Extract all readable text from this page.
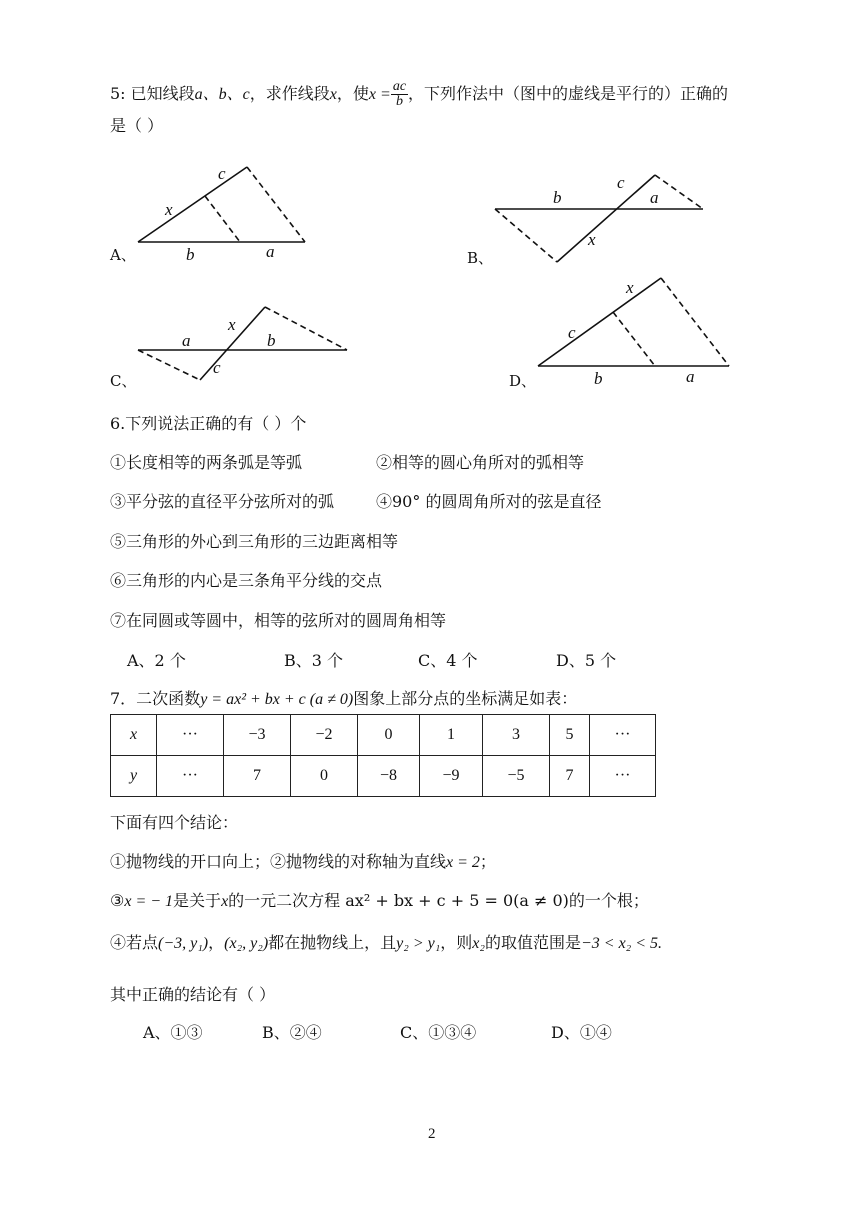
5: 已知线段a、b、c，求作线段x，使$x = \frac{ac}{b}$ ，下列作法中（图中的虚线是平行的）正确的
是（ ）
c
x
b	a
A、
b
c
a
x
B、
x
a	b
c
C、
x
c
b	a
D、
6.下列说法正确的有（ ）个
①长度相等的两条弧是等弧	②相等的圆心角所对的弧相等
③平分弦的直径平分弦所对的弧	④90° 的圆周角所对的弦是直径
⑤三角形的外心到三角形的三边距离相等
⑥三角形的内心是三条角平分线的交点
⑦在同圆或等圆中，相等的弦所对的圆周角相等
A、2 个	B、3 个	C、4 个	D、5 个
7．二次函数y = ax² + bx + c (a ≠ 0)图象上部分点的坐标满足如表：
x	···	−3	−2	0	1	3	5	···
y	···	7	0	−8	−9	−5	7	···
下面有四个结论：
①抛物线的开口向上；②抛物线的对称轴为直线x = 2；
③x = − 1是关于x的一元二次方程 ax² + bx + c + 5 = 0(a ≠ 0)的一个根；
④若点(−3, y₁)，(x₂, y₂)都在抛物线上，且y₂ > y₁，则x₂的取值范围是−3 < x₂ < 5.
其中正确的结论有（ ）
A、①③	B、②④	C、①③④	D、①④
2
